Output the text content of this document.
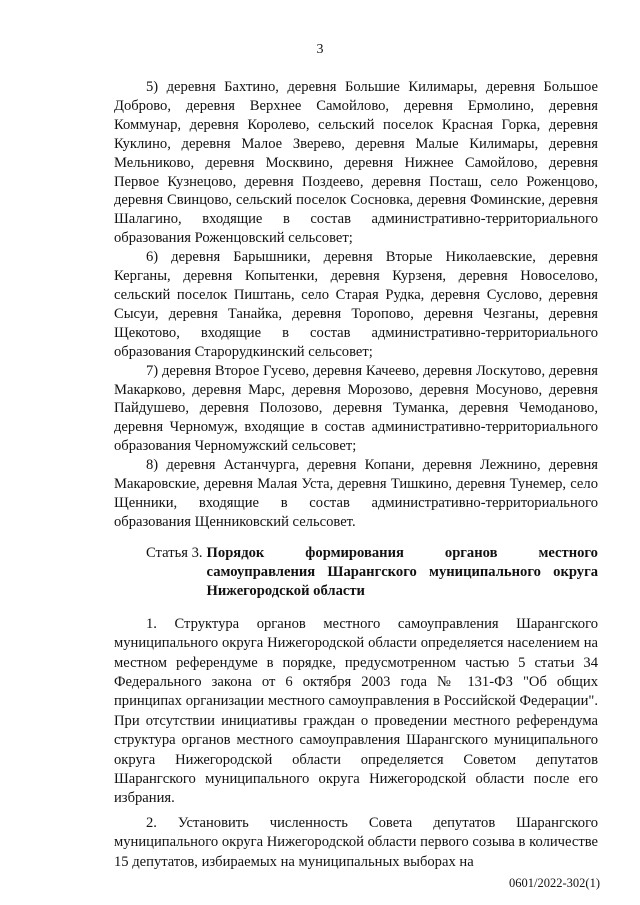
3

5) деревня Бахтино, деревня Большие Килимары, деревня Большое Доброво, деревня Верхнее Самойлово, деревня Ермолино, деревня Коммунар, деревня Королево, сельский поселок Красная Горка, деревня Куклино, деревня Малое Зверево, деревня Малые Килимары, деревня Мельниково, деревня Москвино, деревня Нижнее Самойлово, деревня Первое Кузнецово, деревня Поздеево, деревня Посташ, село Роженцово, деревня Свинцово, сельский поселок Сосновка, деревня Фоминские, деревня Шалагино, входящие в состав административно-территориального образования Роженцовский сельсовет;

6) деревня Барышники, деревня Вторые Николаевские, деревня Керганы, деревня Копытенки, деревня Курзеня, деревня Новоселово, сельский поселок Пиштань, село Старая Рудка, деревня Суслово, деревня Сысуи, деревня Танайка, деревня Торопово, деревня Чезганы, деревня Щекотово, входящие в состав административно-территориального образования Старорудкинский сельсовет;

7) деревня Второе Гусево, деревня Качеево, деревня Лоскутово, деревня Макарково, деревня Марс, деревня Морозово, деревня Мосуново, деревня Пайдушево, деревня Полозово, деревня Туманка, деревня Чемоданово, деревня Черномуж, входящие в состав административно-территориального образования Черномужский сельсовет;

8) деревня Астанчурга, деревня Копани, деревня Лежнино, деревня Макаровские, деревня Малая Уста, деревня Тишкино, деревня Тунемер, село Щенники, входящие в состав административно-территориального образования Щенниковский сельсовет.

Статья 3. Порядок	формирования	органов	местного
самоуправления Шарангского муниципального округа Нижегородской области

1. Структура органов местного самоуправления Шарангского муниципального округа Нижегородской области определяется населением на местном референдуме в порядке, предусмотренном частью 5 статьи 34 Федерального закона от 6 октября 2003 года № 131-ФЗ "Об общих принципах организации местного самоуправления в Российской Федерации". При отсутствии инициативы граждан о проведении местного референдума структура органов местного самоуправления Шарангского муниципального округа Нижегородской области определяется Советом депутатов Шарангского муниципального округа Нижегородской области после его избрания.

2. Установить численность Совета депутатов Шарангского муниципального округа Нижегородской области первого созыва в количестве 15 депутатов, избираемых на муниципальных выборах на

0601/2022-302(1)
